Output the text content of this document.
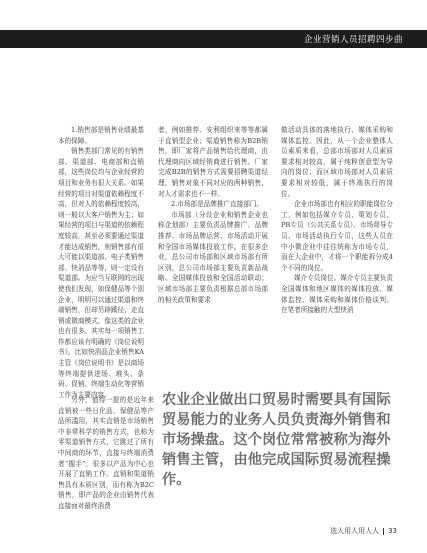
企业营销人员招聘四步曲

1.销售部是销售业绩最基本的保障。

销售类部门常见的有销售部、渠道部、电商部和直销部，这些岗位均与企业经营的项目和业务有很大关系。如果经营的项目对渠道依赖程度不高，但对人的依赖程度较高，则一般以大客户销售为主；如果经营的项目与渠道的依赖程度较高，甚至必须要通过渠道才能达成销售，则销售部有很大可能以渠道部、电子类销售部、快消品等等，则一定设有渠道部。为应当互联网的出现使我们发现，如保健品等个别企业，明明可以通过渠道和终端销售，但却另辟蹊径，走直销或微商模式，像这类的企业也有很多。其实每一项销售工作都应该有明确的《岗位说明书》。比如快消品企业销售KA主管《岗位说明书》是以商场等终端提供进场、堆头、条码、促销、终端生动化等营销工作为主要内容。

另外，值得一提的是近年来直销被一些日化品、保健品等产品所滥用，其实直销是市场销售中非常科学的销售方式，也称为零渠道销售方式，它跳过了所有中间商的环节，直接与终端消费者“握手”，很多以产品为中心也开展了直销工作。直销和渠道销售具有本质区别，而有称为B2C销售，即产品的企业由销售代表直接面对最终消费

者，例如推荐、安利组织来等等都属于直销型企业；渠道销售称为B2B销售，即厂家将产品销售给代理商，由代理商向区域经销商进行销售。厂家完成B2B的销售方式需要招聘渠道经理，销售对象不同对应的两种销售，对人才需求也不一样。

2.市场部是品牌推广直接部门。

市场部（分设企业和销售企业也称企划部）主要负责品牌推广、品牌推荐、市场品牌运营、市场活动开展和全国市场媒体投放工作。在很多企业，总公司市场部和区域市场部有所区别，总公司市场部主要负责新品战略、全国媒体投放和全国活动联动；区域市场部主要负责根据总部市场部的相关政策和要求

做活动具体的落地执行、媒体采购和媒体监控。因此，从一个企业整体人员素质来看，总部市场部对人员素质要求相对较高，属于纯粹创意型为导向的岗位；而区域市场部对人员素质要求相对较低，属于终端执行的岗位。

企业市场部也有相应的职能岗位分工，例如包括媒介专员、策划专员、PR专员（公共关系专员）、市场督导专员、市场活动执行专员，这些人员在中小微企业中往往统称为市场专员，而在大企业中，才将一个职能拆分成4个不同的岗位。

媒介专员岗位。媒介专员主要负责全国媒体和地区媒体的媒体投放、媒体监控、媒体采购和媒体价格谈判。在笔者所接触的大型快消

农业企业做出口贸易时需要具有国际贸易能力的业务人员负责海外销售和市场操盘。这个岗位常常被称为海外销售主管，由他完成国际贸易流程操作。
选人用人用人人 33
